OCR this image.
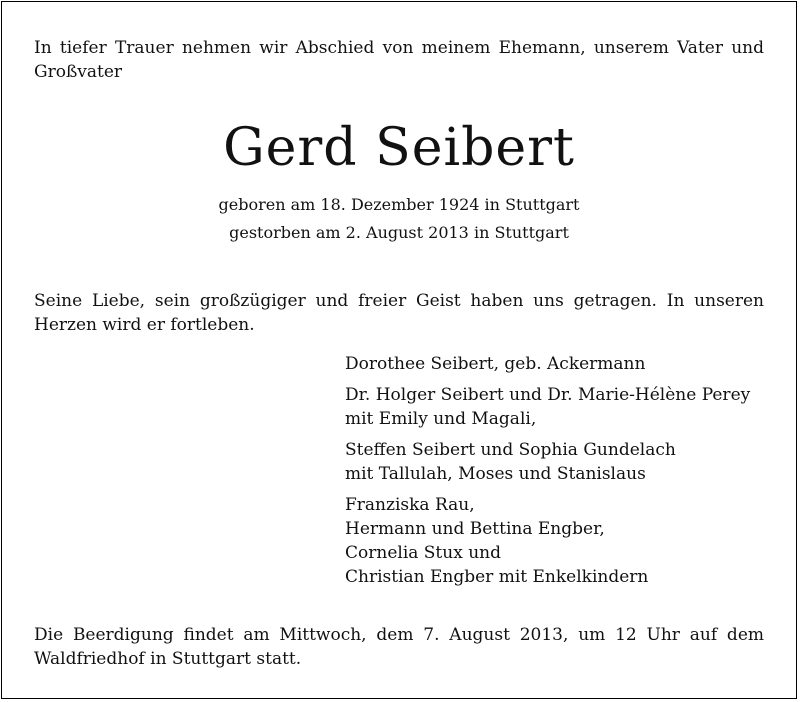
In tiefer Trauer nehmen wir Abschied von meinem Ehemann, unserem Vater und Großvater

Gerd Seibert
geboren am 18. Dezember 1924 in Stuttgart
gestorben am 2. August 2013 in Stuttgart

Seine Liebe, sein großzügiger und freier Geist haben uns getragen. In unseren Herzen wird er fortleben.

Dorothee Seibert, geb. Ackermann
Dr. Holger Seibert und Dr. Marie-Hélène Perey
mit Emily und Magali,
Steffen Seibert und Sophia Gundelach
mit Tallulah, Moses und Stanislaus
Franziska Rau,
Hermann und Bettina Engber,
Cornelia Stux und
Christian Engber mit Enkelkindern

Die Beerdigung findet am Mittwoch, dem 7. August 2013, um 12 Uhr auf dem Waldfriedhof in Stuttgart statt.
